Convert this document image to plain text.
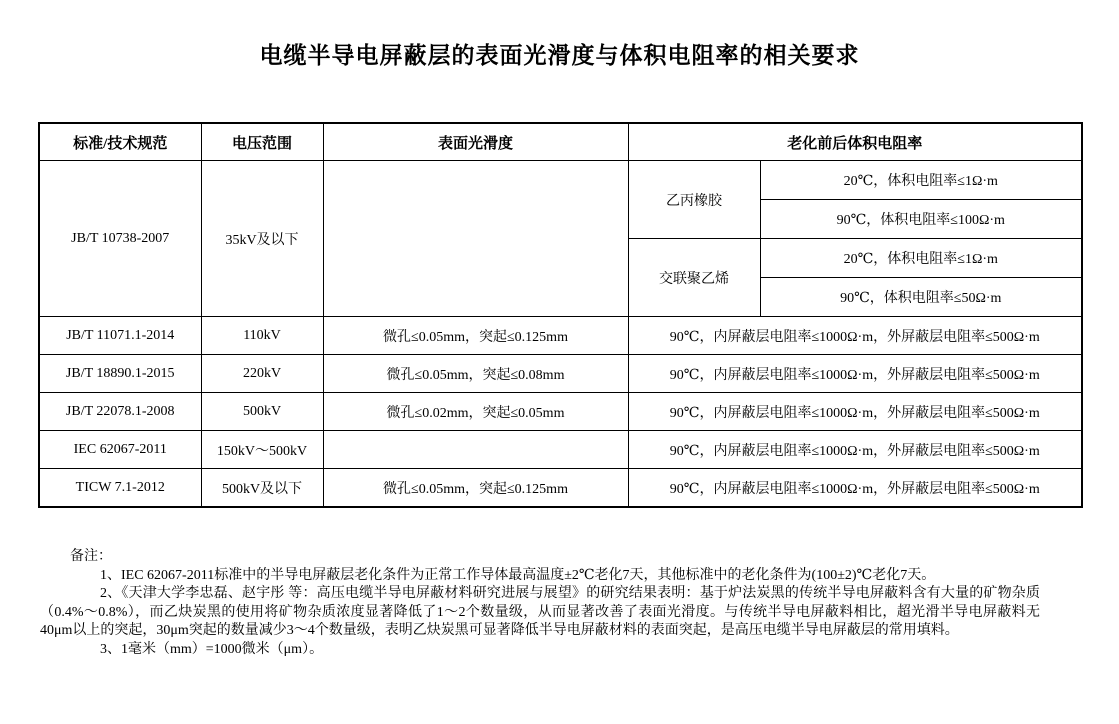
电缆半导电屏蔽层的表面光滑度与体积电阻率的相关要求
标准/技术规范	电压范围	表面光滑度	老化前后体积电阻率	
JB/T 10738-2007	35kV及以下		乙丙橡胶	20℃，体积电阻率≤1Ω·m
				90℃，体积电阻率≤100Ω·m
			交联聚乙烯	20℃，体积电阻率≤1Ω·m
				90℃，体积电阻率≤50Ω·m
JB/T 11071.1-2014	110kV	微孔≤0.05mm，突起≤0.125mm	90℃，内屏蔽层电阻率≤1000Ω·m，外屏蔽层电阻率≤500Ω·m	
JB/T 18890.1-2015	220kV	微孔≤0.05mm，突起≤0.08mm	90℃，内屏蔽层电阻率≤1000Ω·m，外屏蔽层电阻率≤500Ω·m	
JB/T 22078.1-2008	500kV	微孔≤0.02mm，突起≤0.05mm	90℃，内屏蔽层电阻率≤1000Ω·m，外屏蔽层电阻率≤500Ω·m	
IEC 62067-2011	150kV～500kV		90℃，内屏蔽层电阻率≤1000Ω·m，外屏蔽层电阻率≤500Ω·m	
TICW 7.1-2012	500kV及以下	微孔≤0.05mm，突起≤0.125mm	90℃，内屏蔽层电阻率≤1000Ω·m，外屏蔽层电阻率≤500Ω·m	

备注：

1、IEC 62067-2011标准中的半导电屏蔽层老化条件为正常工作导体最高温度±2℃老化7天，其他标准中的老化条件为(100±2)℃老化7天。

2、《天津大学李忠磊、赵宇彤 等：高压电缆半导电屏蔽材料研究进展与展望》的研究结果表明：基于炉法炭黑的传统半导电屏蔽料含有大量的矿物杂质（0.4%～0.8%），而乙炔炭黑的使用将矿物杂质浓度显著降低了1～2个数量级，从而显著改善了表面光滑度。与传统半导电屏蔽料相比，超光滑半导电屏蔽料无40μm以上的突起，30μm突起的数量减少3～4个数量级，表明乙炔炭黑可显著降低半导电屏蔽材料的表面突起，是高压电缆半导电屏蔽层的常用填料。

3、1毫米（mm）=1000微米（μm）。
